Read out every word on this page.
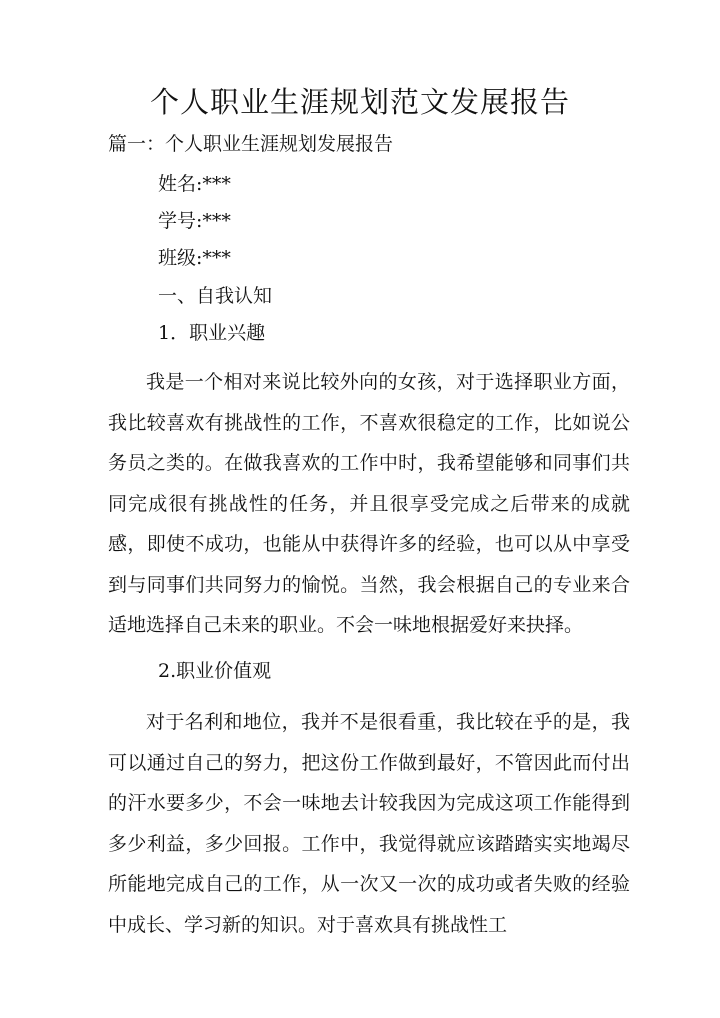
个人职业生涯规划范文发展报告

篇一：个人职业生涯规划发展报告

姓名:***

学号:***

班级:***

一、自我认知

1．职业兴趣

我是一个相对来说比较外向的女孩，对于选择职业方面，我比较喜欢有挑战性的工作，不喜欢很稳定的工作，比如说公务员之类的。在做我喜欢的工作中时，我希望能够和同事们共同完成很有挑战性的任务，并且很享受完成之后带来的成就感，即使不成功，也能从中获得许多的经验，也可以从中享受到与同事们共同努力的愉悦。当然，我会根据自己的专业来合适地选择自己未来的职业。不会一味地根据爱好来抉择。

2.职业价值观

对于名利和地位，我并不是很看重，我比较在乎的是，我可以通过自己的努力，把这份工作做到最好，不管因此而付出的汗水要多少，不会一味地去计较我因为完成这项工作能得到多少利益，多少回报。工作中，我觉得就应该踏踏实实地竭尽所能地完成自己的工作，从一次又一次的成功或者失败的经验中成长、学习新的知识。对于喜欢具有挑战性工
